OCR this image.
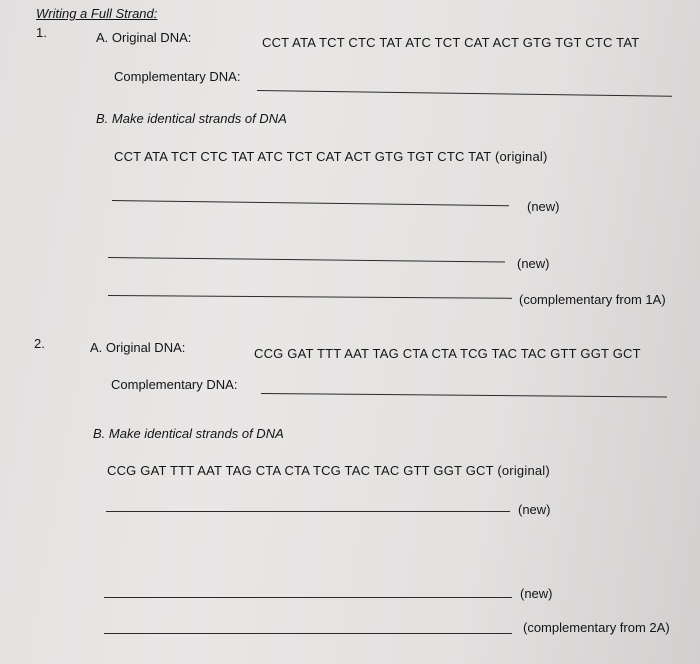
Writing a Full Strand:
1.	A. Original DNA:	CCT ATA TCT CTC TAT ATC TCT CAT ACT GTG TGT CTC TAT
Complementary DNA:
B. Make identical strands of DNA
CCT ATA TCT CTC TAT ATC TCT CAT ACT GTG TGT CTC TAT (original)
(new)
(new)
(complementary from 1A)
2.	A. Original DNA:	CCG GAT TTT AAT TAG CTA CTA TCG TAC TAC GTT GGT GCT
Complementary DNA:
B. Make identical strands of DNA
CCG GAT TTT AAT TAG CTA CTA TCG TAC TAC GTT GGT GCT (original)
(new)
(new)
(complementary from 2A)
